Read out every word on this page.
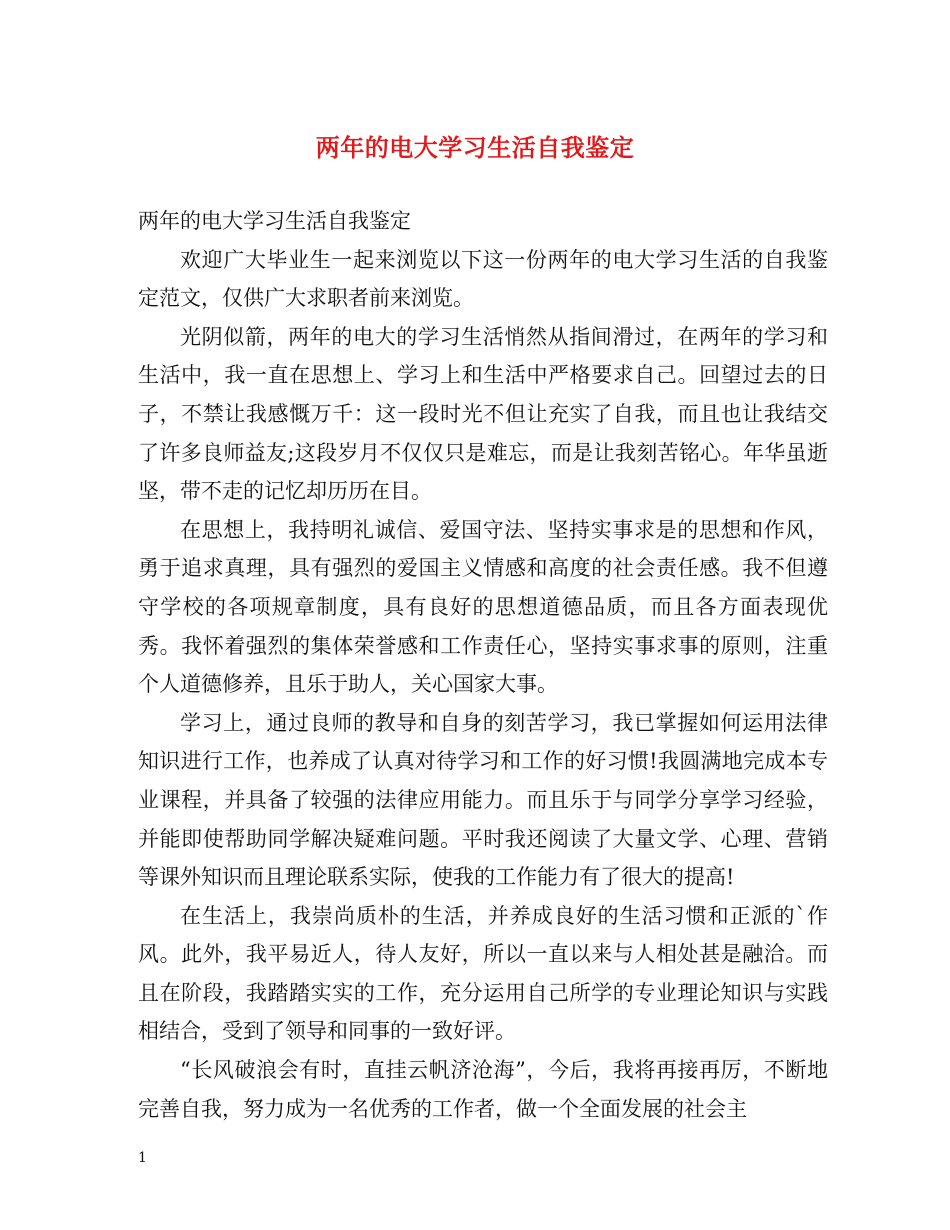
两年的电大学习生活自我鉴定

两年的电大学习生活自我鉴定

欢迎广大毕业生一起来浏览以下这一份两年的电大学习生活的自我鉴定范文，仅供广大求职者前来浏览。

光阴似箭，两年的电大的学习生活悄然从指间滑过，在两年的学习和生活中，我一直在思想上、学习上和生活中严格要求自己。回望过去的日子，不禁让我感慨万千：这一段时光不但让充实了自我，而且也让我结交了许多良师益友;这段岁月不仅仅只是难忘，而是让我刻苦铭心。年华虽逝坚，带不走的记忆却历历在目。

在思想上，我持明礼诚信、爱国守法、坚持实事求是的思想和作风，勇于追求真理，具有强烈的爱国主义情感和高度的社会责任感。我不但遵守学校的各项规章制度，具有良好的思想道德品质，而且各方面表现优秀。我怀着强烈的集体荣誉感和工作责任心，坚持实事求事的原则，注重个人道德修养，且乐于助人，关心国家大事。

学习上，通过良师的教导和自身的刻苦学习，我已掌握如何运用法律知识进行工作，也养成了认真对待学习和工作的好习惯!我圆满地完成本专业课程，并具备了较强的法律应用能力。而且乐于与同学分享学习经验，并能即使帮助同学解决疑难问题。平时我还阅读了大量文学、心理、营销等课外知识而且理论联系实际，使我的工作能力有了很大的提高!

在生活上，我崇尚质朴的生活，并养成良好的生活习惯和正派的`作风。此外，我平易近人，待人友好，所以一直以来与人相处甚是融洽。而且在阶段，我踏踏实实的工作，充分运用自己所学的专业理论知识与实践相结合，受到了领导和同事的一致好评。

“长风破浪会有时，直挂云帆济沧海”，今后，我将再接再厉，不断地完善自我，努力成为一名优秀的工作者，做一个全面发展的社会主

1
